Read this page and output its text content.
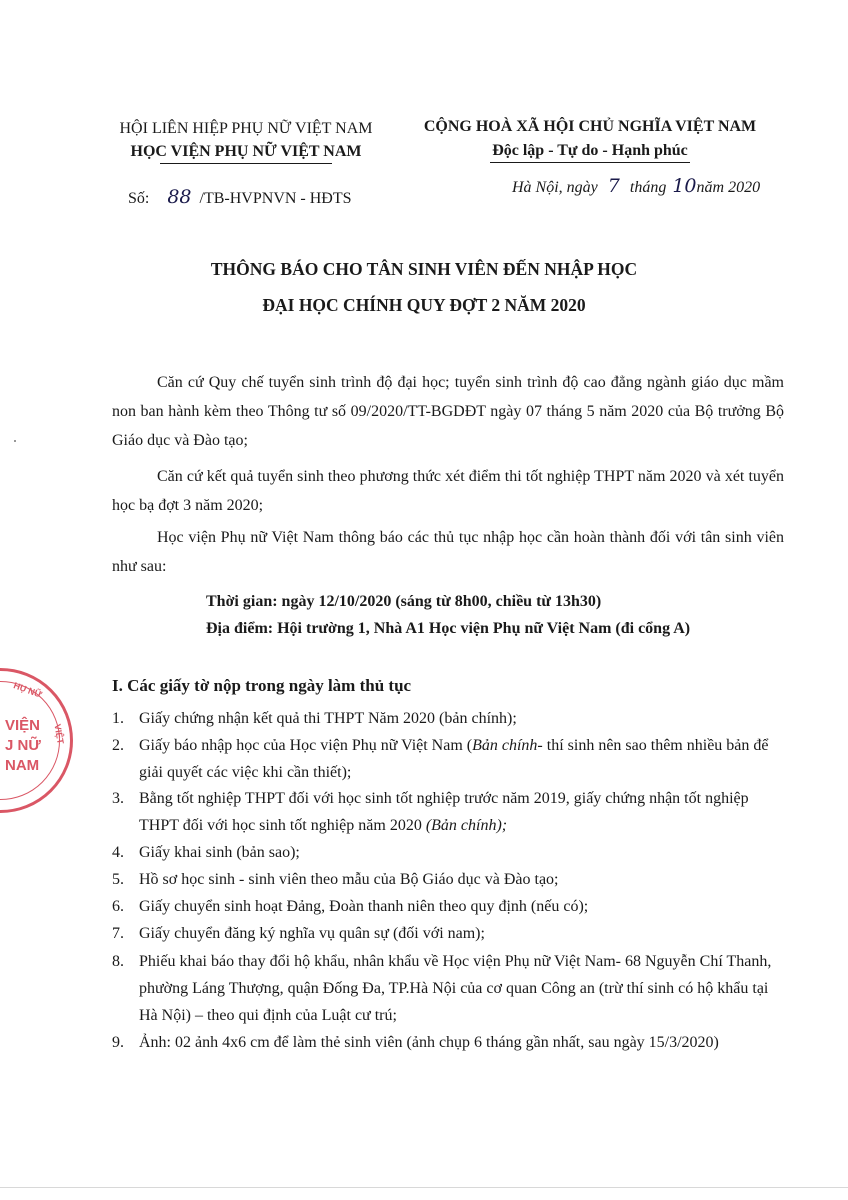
HỘI LIÊN HIỆP PHỤ NỮ VIỆT NAM
HỌC VIỆN PHỤ NỮ VIỆT NAM
CỘNG HOÀ XÃ HỘI CHỦ NGHĨA VIỆT NAM
Độc lập - Tự do - Hạnh phúc
Số: 88 /TB-HVPNVN - HĐTS
Hà Nội, ngày 7 tháng 10năm 2020
THÔNG BÁO CHO TÂN SINH VIÊN ĐẾN NHẬP HỌC
ĐẠI HỌC CHÍNH QUY ĐỢT 2 NĂM 2020
Căn cứ Quy chế tuyển sinh trình độ đại học; tuyển sinh trình độ cao đẳng ngành giáo dục mầm non ban hành kèm theo Thông tư số 09/2020/TT-BGDĐT ngày 07 tháng 5 năm 2020 của Bộ trưởng Bộ Giáo dục và Đào tạo;
Căn cứ kết quả tuyển sinh theo phương thức xét điểm thi tốt nghiệp THPT năm 2020 và xét tuyển học bạ đợt 3 năm 2020;
Học viện Phụ nữ Việt Nam thông báo các thủ tục nhập học cần hoàn thành đối với tân sinh viên như sau:
Thời gian: ngày 12/10/2020 (sáng từ 8h00, chiều từ 13h30)
Địa điểm: Hội trường 1, Nhà A1 Học viện Phụ nữ Việt Nam (đi cổng A)
I. Các giấy tờ nộp trong ngày làm thủ tục
1. Giấy chứng nhận kết quả thi THPT Năm 2020 (bản chính);
2. Giấy báo nhập học của Học viện Phụ nữ Việt Nam (Bản chính- thí sinh nên sao thêm nhiều bản để giải quyết các việc khi cần thiết);
3. Bằng tốt nghiệp THPT đối với học sinh tốt nghiệp trước năm 2019, giấy chứng nhận tốt nghiệp THPT đối với học sinh tốt nghiệp năm 2020 (Bản chính);
4. Giấy khai sinh (bản sao);
5. Hồ sơ học sinh - sinh viên theo mẫu của Bộ Giáo dục và Đào tạo;
6. Giấy chuyển sinh hoạt Đảng, Đoàn thanh niên theo quy định (nếu có);
7. Giấy chuyển đăng ký nghĩa vụ quân sự (đối với nam);
8. Phiếu khai báo thay đổi hộ khẩu, nhân khẩu về Học viện Phụ nữ Việt Nam- 68 Nguyễn Chí Thanh, phường Láng Thượng, quận Đống Đa, TP.Hà Nội của cơ quan Công an (trừ thí sinh có hộ khẩu tại Hà Nội) – theo qui định của Luật cư trú;
9. Ảnh: 02 ảnh 4x6 cm để làm thẻ sinh viên (ảnh chụp 6 tháng gần nhất, sau ngày 15/3/2020)
HỤ NỮ
VIỆT
VIỆN
J NỮ
NAM
